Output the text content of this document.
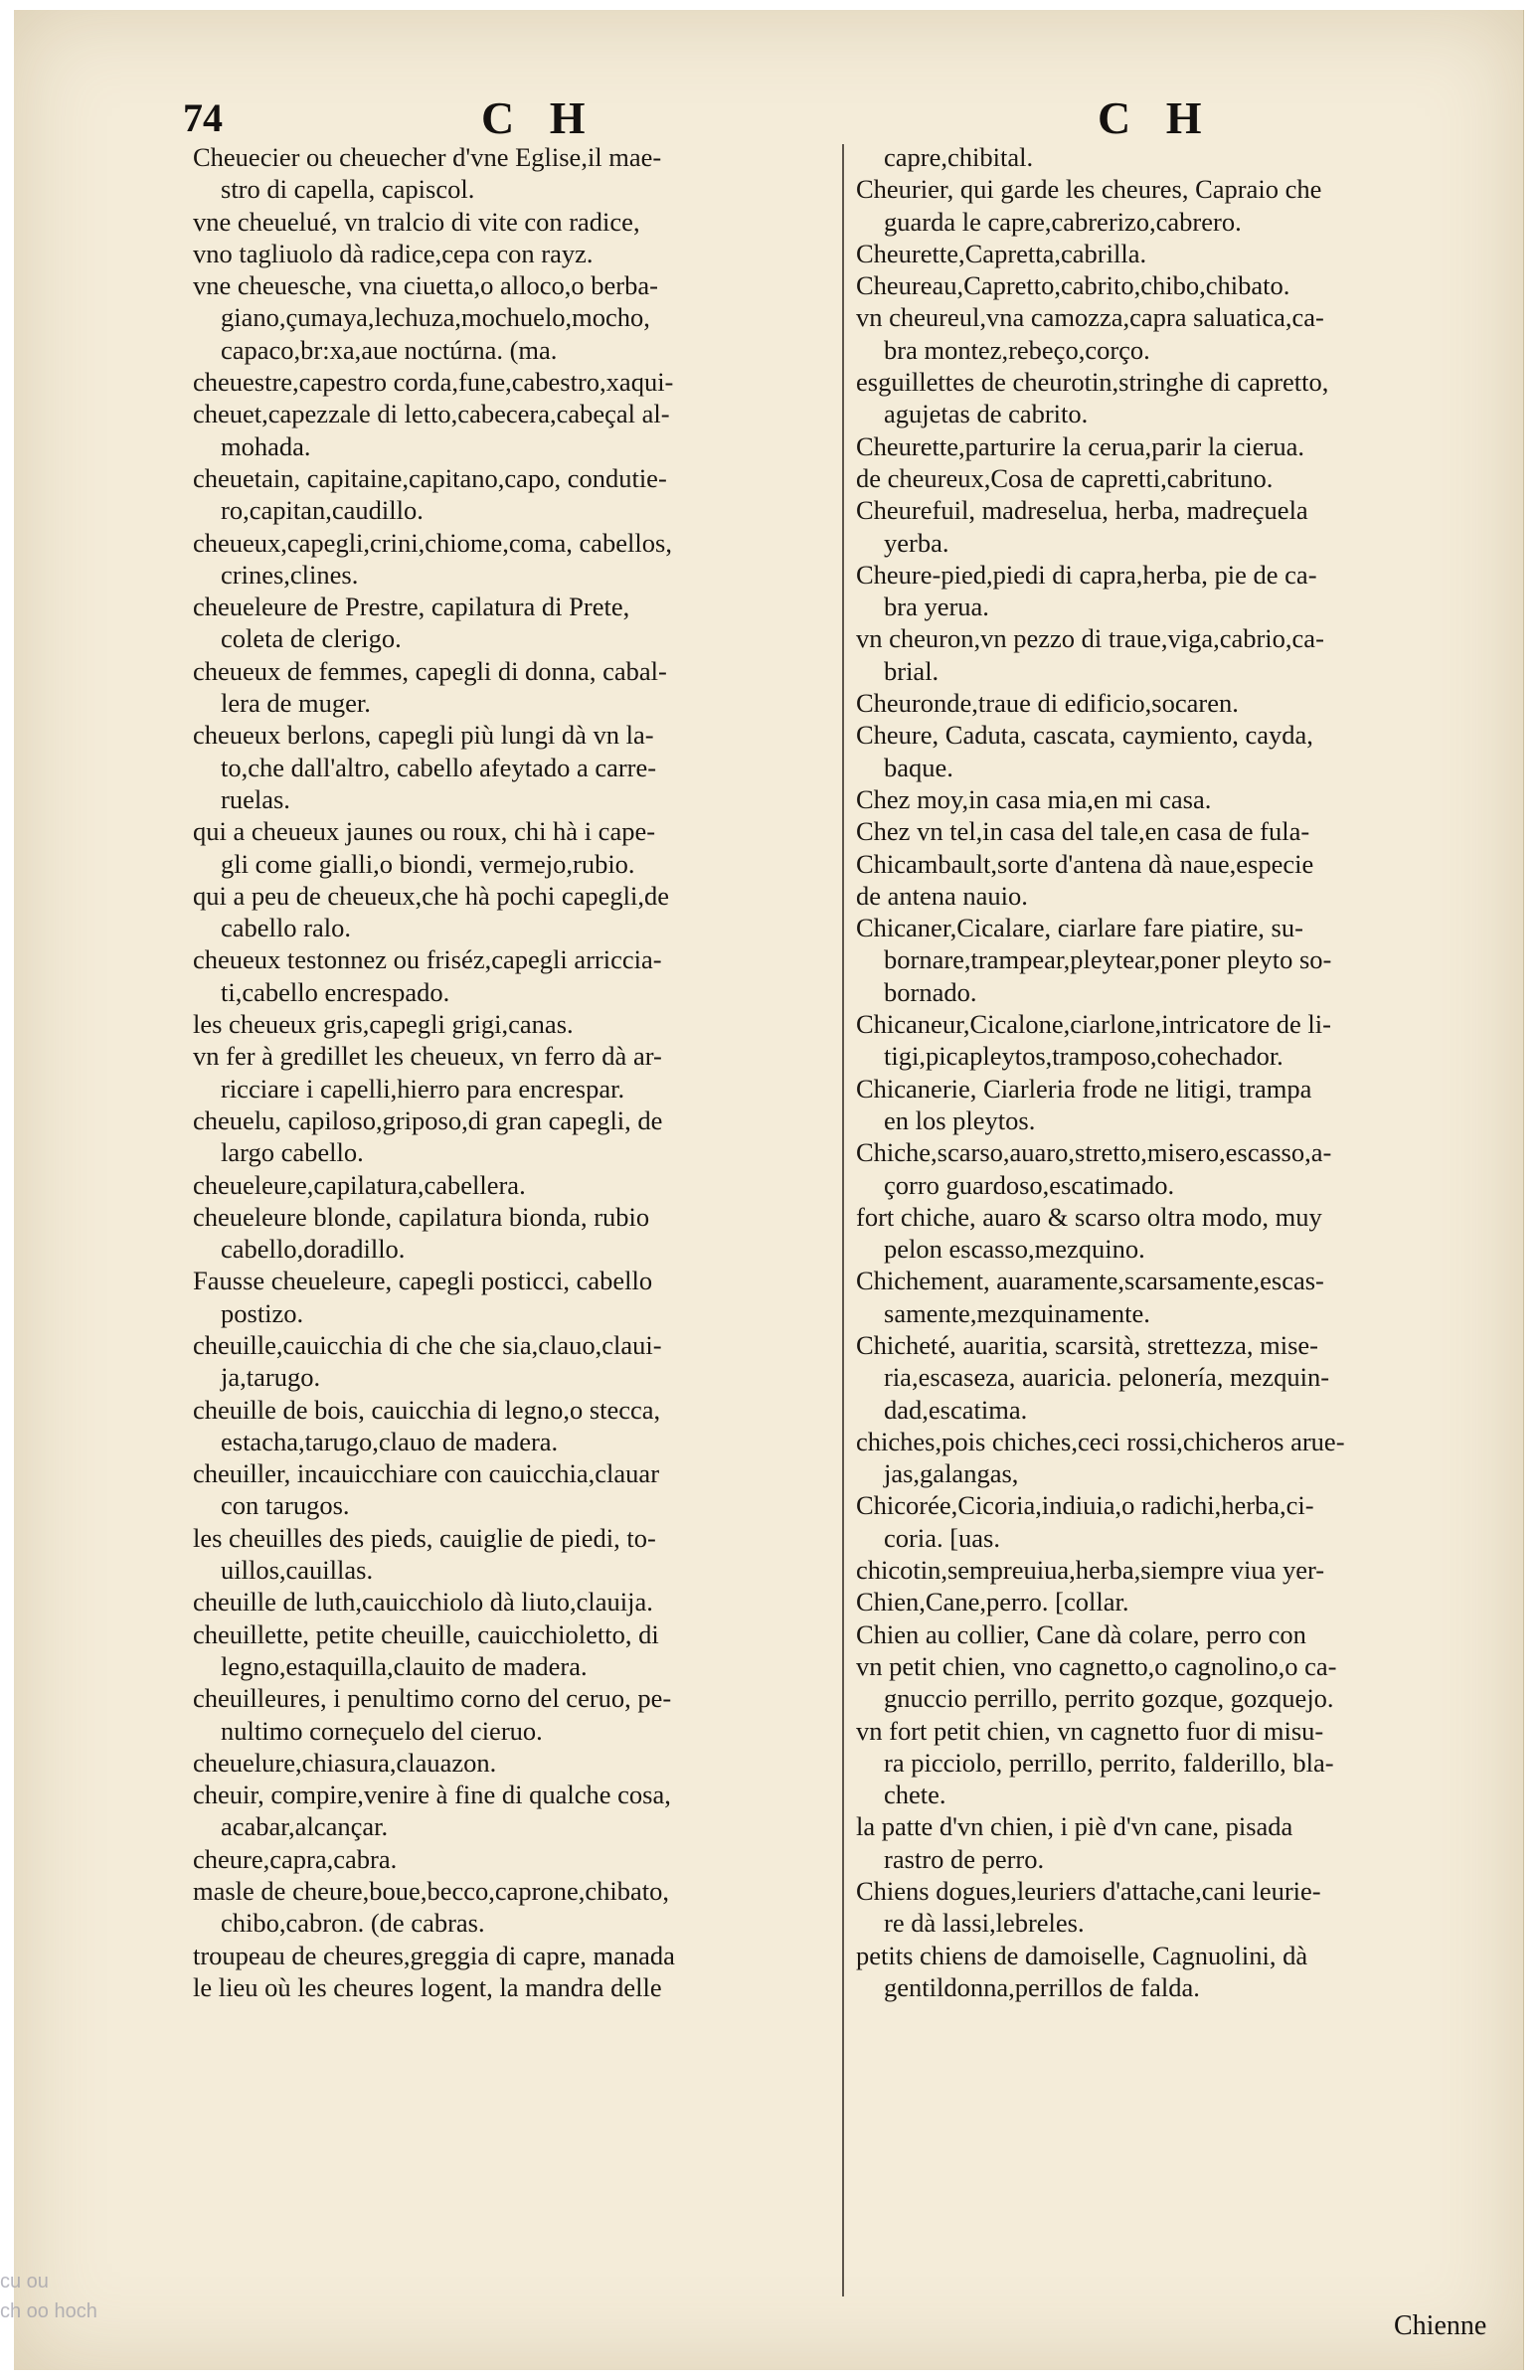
74	C H	C H
Cheuecier ou cheuecher d'vne Eglise,il mae-
stro di capella, capiscol.
vne cheuelué, vn tralcio di vite con radice,
vno tagliuolo dà radice,cepa con rayz.
vne cheuesche, vna ciuetta,o alloco,o berba-
giano,çumaya,lechuza,mochuelo,mocho,
capaco,br:xa,aue noctúrna. (ma.
cheuestre,capestro corda,fune,cabestro,xaqui-
cheuet,capezzale di letto,cabecera,cabeçal al-
mohada.
cheuetain, capitaine,capitano,capo, condutie-
ro,capitan,caudillo.
cheueux,capegli,crini,chiome,coma, cabellos,
crines,clines.
cheueleure de Prestre, capilatura di Prete,
coleta de clerigo.
cheueux de femmes, capegli di donna, cabal-
lera de muger.
cheueux berlons, capegli più lungi dà vn la-
to,che dall'altro, cabello afeytado a carre-
ruelas.
qui a cheueux jaunes ou roux, chi hà i cape-
gli come gialli,o biondi, vermejo,rubio.
qui a peu de cheueux,che hà pochi capegli,de
cabello ralo.
cheueux testonnez ou friséz,capegli arriccia-
ti,cabello encrespado.
les cheueux gris,capegli grigi,canas.
vn fer à gredillet les cheueux, vn ferro dà ar-
ricciare i capelli,hierro para encrespar.
cheuelu, capiloso,griposo,di gran capegli, de
largo cabello.
cheueleure,capilatura,cabellera.
cheueleure blonde, capilatura bionda, rubio
cabello,doradillo.
Fausse cheueleure, capegli posticci, cabello
postizo.
cheuille,cauicchia di che che sia,clauo,claui-
ja,tarugo.
cheuille de bois, cauicchia di legno,o stecca,
estacha,tarugo,clauo de madera.
cheuiller, incauicchiare con cauicchia,clauar
con tarugos.
les cheuilles des pieds, cauiglie de piedi, to-
uillos,cauillas.
cheuille de luth,cauicchiolo dà liuto,clauija.
cheuillette, petite cheuille, cauicchioletto, di
legno,estaquilla,clauito de madera.
cheuilleures, i penultimo corno del ceruo, pe-
nultimo corneçuelo del cieruo.
cheuelure,chiasura,clauazon.
cheuir, compire,venire à fine di qualche cosa,
acabar,alcançar.
cheure,capra,cabra.
masle de cheure,boue,becco,caprone,chibato,
chibo,cabron. (de cabras.
troupeau de cheures,greggia di capre, manada
le lieu où les cheures logent, la mandra delle
capre,chibital.
Cheurier, qui garde les cheures, Capraio che
guarda le capre,cabrerizo,cabrero.
Cheurette,Capretta,cabrilla.
Cheureau,Capretto,cabrito,chibo,chibato.
vn cheureul,vna camozza,capra saluatica,ca-
bra montez,rebeço,corço.
esguillettes de cheurotin,stringhe di capretto,
agujetas de cabrito.
Cheurette,parturire la cerua,parir la cierua.
de cheureux,Cosa de capretti,cabrituno.
Cheurefuil, madreselua, herba, madreçuela
yerba.
Cheure-pied,piedi di capra,herba, pie de ca-
bra yerua.
vn cheuron,vn pezzo di traue,viga,cabrio,ca-
brial.
Cheuronde,traue di edificio,socaren.
Cheure, Caduta, cascata, caymiento, cayda,
baque.
Chez moy,in casa mia,en mi casa.
Chez vn tel,in casa del tale,en casa de fula-
Chicambault,sorte d'antena dà naue,especie
de antena nauio.
Chicaner,Cicalare, ciarlare fare piatire, su-
bornare,trampear,pleytear,poner pleyto so-
bornado.
Chicaneur,Cicalone,ciarlone,intricatore de li-
tigi,picapleytos,tramposo,cohechador.
Chicanerie, Ciarleria frode ne litigi, trampa
en los pleytos.
Chiche,scarso,auaro,stretto,misero,escasso,a-
çorro guardoso,escatimado.
fort chiche, auaro & scarso oltra modo, muy
pelon escasso,mezquino.
Chichement, auaramente,scarsamente,escas-
samente,mezquinamente.
Chicheté, auaritia, scarsità, strettezza, mise-
ria,escaseza, auaricia. pelonería, mezquin-
dad,escatima.
chiches,pois chiches,ceci rossi,chicheros arue-
jas,galangas,
Chicorée,Cicoria,indiuia,o radichi,herba,ci-
coria. [uas.
chicotin,sempreuiua,herba,siempre viua yer-
Chien,Cane,perro. [collar.
Chien au collier, Cane dà colare, perro con
vn petit chien, vno cagnetto,o cagnolino,o ca-
gnuccio perrillo, perrito gozque, gozquejo.
vn fort petit chien, vn cagnetto fuor di misu-
ra picciolo, perrillo, perrito, falderillo, bla-
chete.
la patte d'vn chien, i piè d'vn cane, pisada
rastro de perro.
Chiens dogues,leuriers d'attache,cani leurie-
re dà lassi,lebreles.
petits chiens de damoiselle, Cagnuolini, dà
gentildonna,perrillos de falda.
Chienne
cu ou
ch oo hoch
